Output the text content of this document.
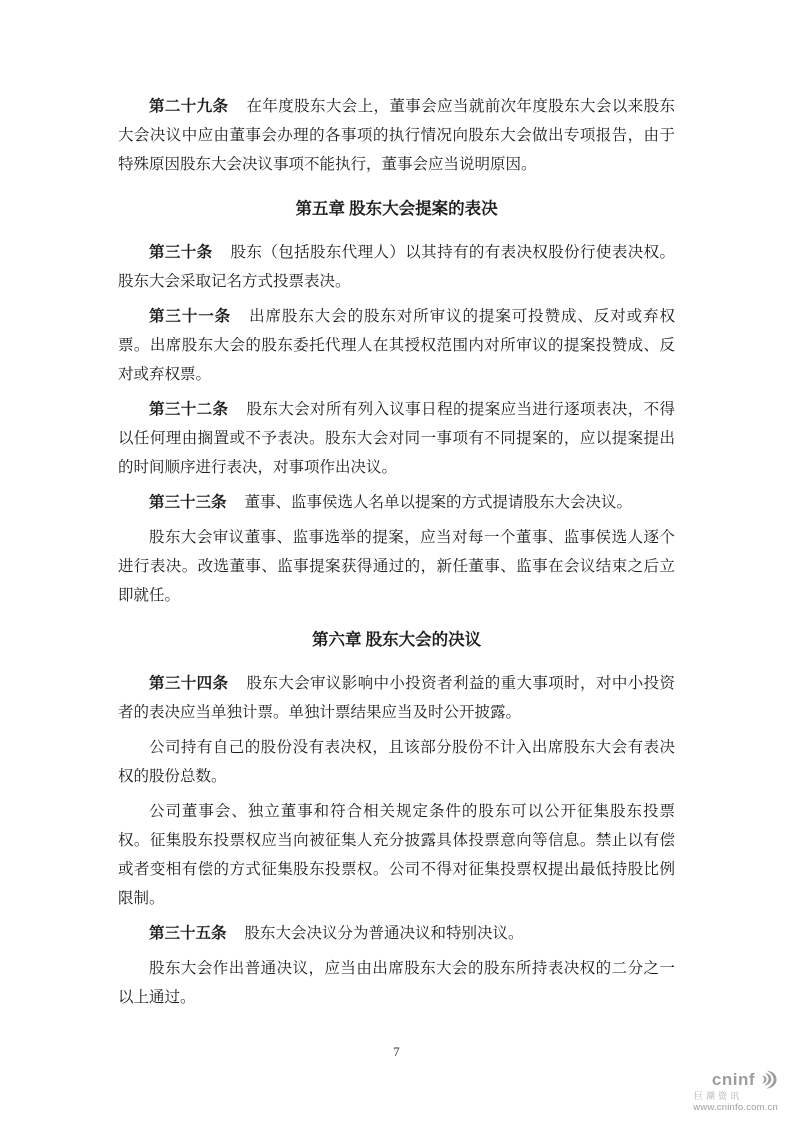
第二十九条 在年度股东大会上，董事会应当就前次年度股东大会以来股东大会决议中应由董事会办理的各事项的执行情况向股东大会做出专项报告，由于特殊原因股东大会决议事项不能执行，董事会应当说明原因。

第五章 股东大会提案的表决

第三十条 股东（包括股东代理人）以其持有的有表决权股份行使表决权。股东大会采取记名方式投票表决。

第三十一条 出席股东大会的股东对所审议的提案可投赞成、反对或弃权票。出席股东大会的股东委托代理人在其授权范围内对所审议的提案投赞成、反对或弃权票。

第三十二条 股东大会对所有列入议事日程的提案应当进行逐项表决，不得以任何理由搁置或不予表决。股东大会对同一事项有不同提案的，应以提案提出的时间顺序进行表决，对事项作出决议。

第三十三条 董事、监事侯选人名单以提案的方式提请股东大会决议。

股东大会审议董事、监事选举的提案，应当对每一个董事、监事侯选人逐个进行表决。改选董事、监事提案获得通过的，新任董事、监事在会议结束之后立即就任。

第六章 股东大会的决议

第三十四条 股东大会审议影响中小投资者利益的重大事项时，对中小投资者的表决应当单独计票。单独计票结果应当及时公开披露。

公司持有自己的股份没有表决权，且该部分股份不计入出席股东大会有表决权的股份总数。

公司董事会、独立董事和符合相关规定条件的股东可以公开征集股东投票权。征集股东投票权应当向被征集人充分披露具体投票意向等信息。禁止以有偿或者变相有偿的方式征集股东投票权。公司不得对征集投票权提出最低持股比例限制。

第三十五条 股东大会决议分为普通决议和特别决议。

股东大会作出普通决议，应当由出席股东大会的股东所持表决权的二分之一以上通过。

7
cninf
巨潮资讯
www.cninfo.com.cn
